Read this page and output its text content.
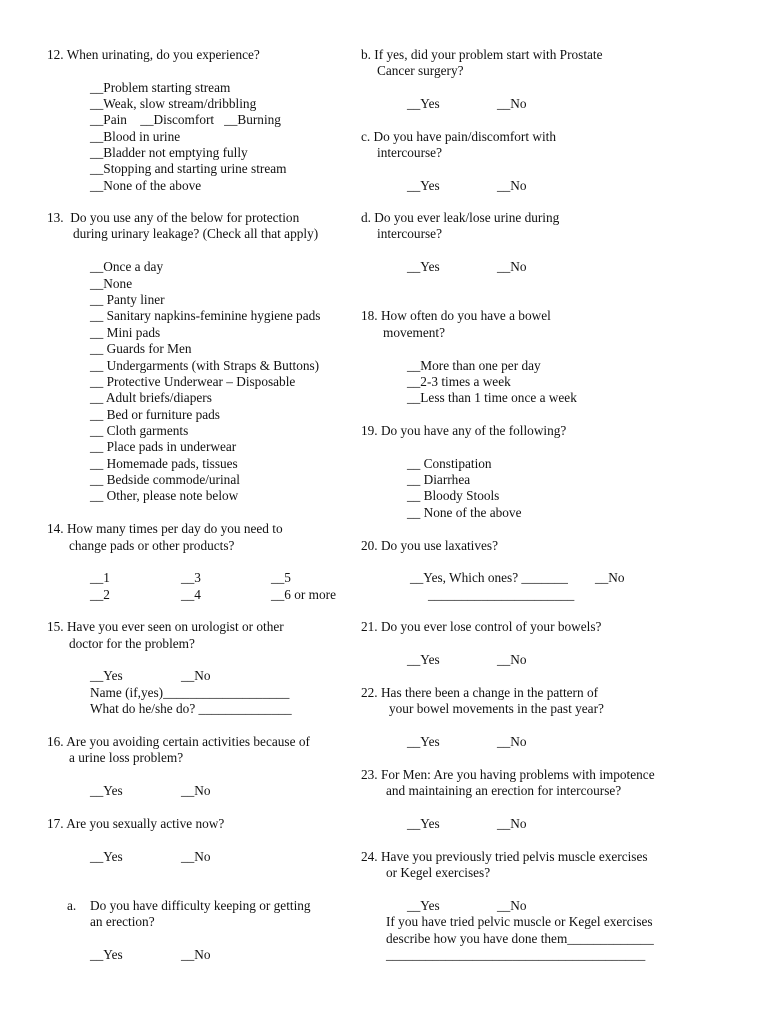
12. When urinating, do you experience?
__Problem starting stream
__Weak, slow stream/dribbling
__Pain    __Discomfort   __Burning
__Blood in urine
__Bladder not emptying fully
__Stopping and starting urine stream
__None of the above
13.  Do you use any of the below for protection
during urinary leakage? (Check all that apply)
__Once a day
__None
__ Panty liner
__ Sanitary napkins-feminine hygiene pads
__ Mini pads
__ Guards for Men
__ Undergarments (with Straps & Buttons)
__ Protective Underwear – Disposable
__ Adult briefs/diapers
__ Bed or furniture pads
__ Cloth garments
__ Place pads in underwear
__ Homemade pads, tissues
__ Bedside commode/urinal
__ Other, please note below
14. How many times per day do you need to
change pads or other products?
__1	__3	__5
__2	__4	__6 or more
15. Have you ever seen on urologist or other
doctor for the problem?
__Yes	__No
Name (if,yes)___________________
What do he/she do? ______________
16. Are you avoiding certain activities because of
a urine loss problem?
__Yes	__No
17. Are you sexually active now?
__Yes	__No
a. Do you have difficulty keeping or getting
an erection?
__Yes	__No
b. If yes, did your problem start with Prostate
Cancer surgery?
__Yes	__No
c. Do you have pain/discomfort with
intercourse?
__Yes	__No
d. Do you ever leak/lose urine during
intercourse?
__Yes	__No
18. How often do you have a bowel
movement?
__More than one per day
__2-3 times a week
__Less than 1 time once a week
19. Do you have any of the following?
__ Constipation
__ Diarrhea
__ Bloody Stools
__ None of the above
20. Do you use laxatives?
__Yes, Which ones? _______ __No
______________________
21. Do you ever lose control of your bowels?
__Yes	__No
22. Has there been a change in the pattern of
your bowel movements in the past year?
__Yes	__No
23. For Men: Are you having problems with impotence
and maintaining an erection for intercourse?
__Yes	__No
24. Have you previously tried pelvis muscle exercises
or Kegel exercises?
__Yes	__No
If you have tried pelvic muscle or Kegel exercises
describe how you have done them_____________
_______________________________________
